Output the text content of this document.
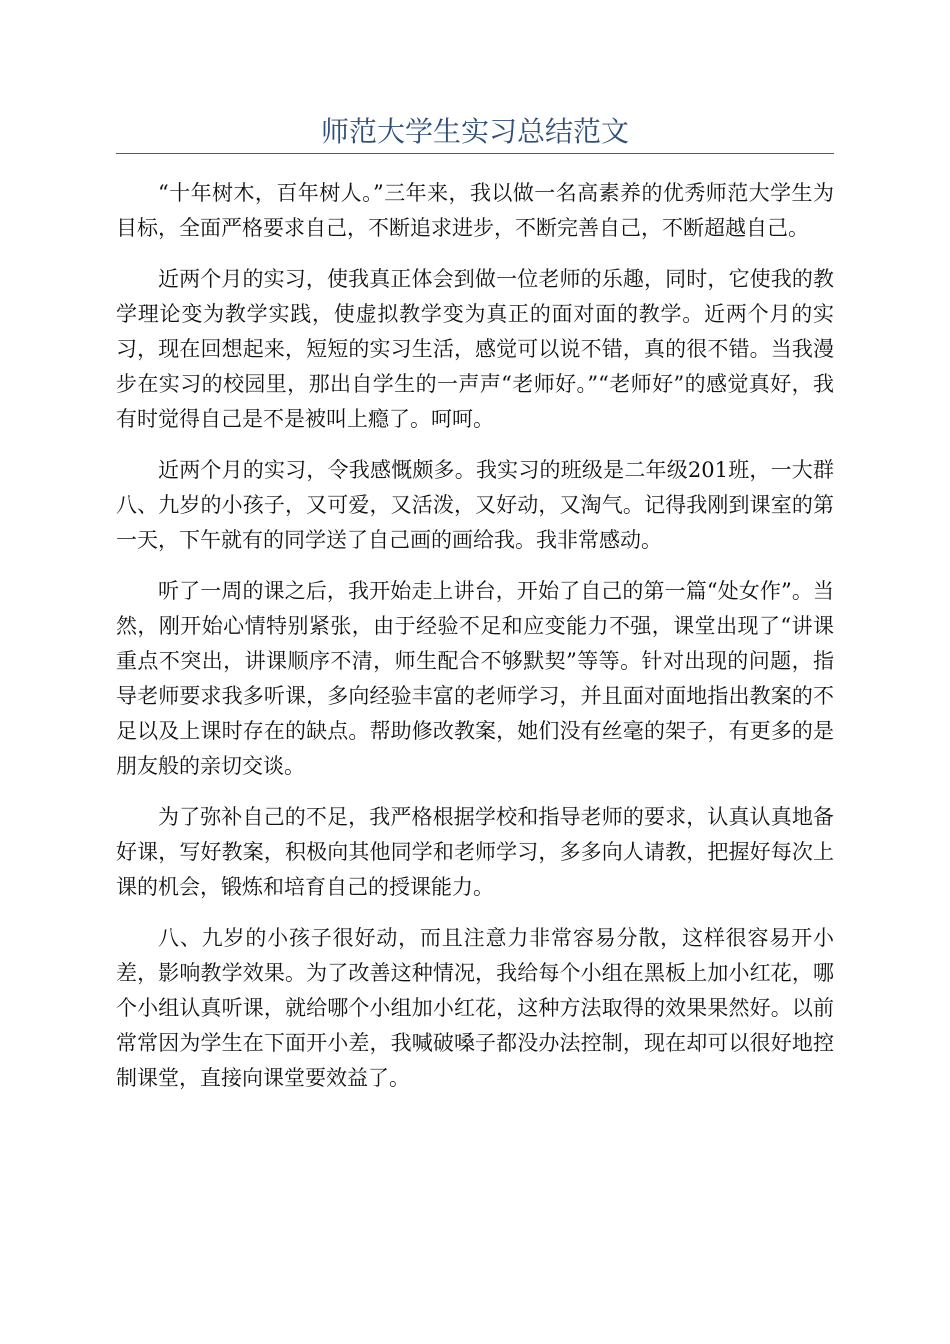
师范大学生实习总结范文

“十年树木，百年树人。”三年来，我以做一名高素养的优秀师范大学生为目标，全面严格要求自己，不断追求进步，不断完善自己，不断超越自己。

近两个月的实习，使我真正体会到做一位老师的乐趣，同时，它使我的教学理论变为教学实践，使虚拟教学变为真正的面对面的教学。近两个月的实习，现在回想起来，短短的实习生活，感觉可以说不错，真的很不错。当我漫步在实习的校园里，那出自学生的一声声“老师好。”“老师好”的感觉真好，我有时觉得自己是不是被叫上瘾了。呵呵。

近两个月的实习，令我感慨颇多。我实习的班级是二年级201班，一大群八、九岁的小孩子，又可爱，又活泼，又好动，又淘气。记得我刚到课室的第一天，下午就有的同学送了自己画的画给我。我非常感动。

听了一周的课之后，我开始走上讲台，开始了自己的第一篇“处女作”。当然，刚开始心情特别紧张，由于经验不足和应变能力不强，课堂出现了“讲课重点不突出，讲课顺序不清，师生配合不够默契”等等。针对出现的问题，指导老师要求我多听课，多向经验丰富的老师学习，并且面对面地指出教案的不足以及上课时存在的缺点。帮助修改教案，她们没有丝毫的架子，有更多的是朋友般的亲切交谈。

为了弥补自己的不足，我严格根据学校和指导老师的要求，认真认真地备好课，写好教案，积极向其他同学和老师学习，多多向人请教，把握好每次上课的机会，锻炼和培育自己的授课能力。

八、九岁的小孩子很好动，而且注意力非常容易分散，这样很容易开小差，影响教学效果。为了改善这种情况，我给每个小组在黑板上加小红花，哪个小组认真听课，就给哪个小组加小红花，这种方法取得的效果果然好。以前常常因为学生在下面开小差，我喊破嗓子都没办法控制，现在却可以很好地控制课堂，直接向课堂要效益了。
